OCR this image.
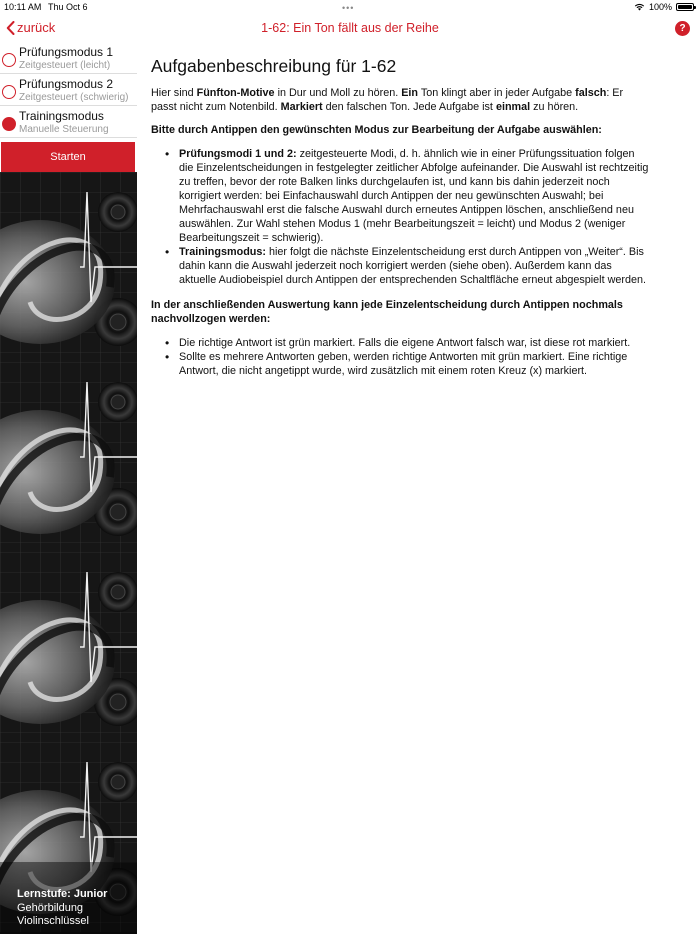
10:11 AM Thu Oct 6	•••	100%
zurück	1-62: Ein Ton fällt aus der Reihe	?
Prüfungsmodus 1
Zeitgesteuert (leicht)
Prüfungsmodus 2
Zeitgesteuert (schwierig)
Trainingsmodus
Manuelle Steuerung
Starten
Lernstufe: Junior
Gehörbildung
Violinschlüssel
Aufgabenbeschreibung für 1-62

Hier sind Fünfton-Motive in Dur und Moll zu hören. Ein Ton klingt aber in jeder Aufgabe falsch: Er passt nicht zum Notenbild. Markiert den falschen Ton. Jede Aufgabe ist einmal zu hören.

Bitte durch Antippen den gewünschten Modus zur Bearbeitung der Aufgabe auswählen:

• Prüfungsmodi 1 und 2: zeitgesteuerte Modi, d. h. ähnlich wie in einer Prüfungssituation folgen die Einzelentscheidungen in festgelegter zeitlicher Abfolge aufeinander. Die Auswahl ist rechtzeitig zu treffen, bevor der rote Balken links durchgelaufen ist, und kann bis dahin jederzeit noch korrigiert werden: bei Einfachauswahl durch Antippen der neu gewünschten Auswahl; bei Mehrfachauswahl erst die falsche Auswahl durch erneutes Antippen löschen, anschließend neu auswählen. Zur Wahl stehen Modus 1 (mehr Bearbeitungszeit = leicht) und Modus 2 (weniger Bearbeitungszeit = schwierig).
• Trainingsmodus: hier folgt die nächste Einzelentscheidung erst durch Antippen von „Weiter“. Bis dahin kann die Auswahl jederzeit noch korrigiert werden (siehe oben). Außerdem kann das aktuelle Audiobeispiel durch Antippen der entsprechenden Schaltfläche erneut abgespielt werden.

In der anschließenden Auswertung kann jede Einzelentscheidung durch Antippen nochmals nachvollzogen werden:

• Die richtige Antwort ist grün markiert. Falls die eigene Antwort falsch war, ist diese rot markiert.
• Sollte es mehrere Antworten geben, werden richtige Antworten mit grün markiert. Eine richtige Antwort, die nicht angetippt wurde, wird zusätzlich mit einem roten Kreuz (x) markiert.
